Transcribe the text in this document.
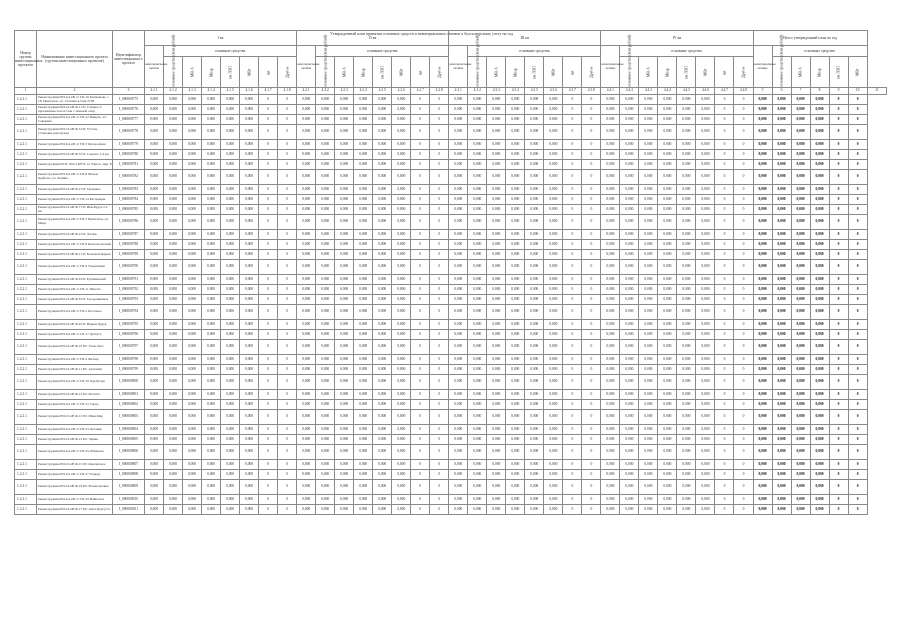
Утвержденный план принятия основных средств и нематериальных активов к бухгалтерскому учету на год
Номер группы инвестиционных проектов	Наименование инвестиционного проекта (группы инвестиционных проектов)	Идентификатор инвестиционного проекта	I кв								II кв								III кв								IV кв								Итого утвержденный план по год						
			нематериальные активы	основные средства							нематериальные активы	основные средства							нематериальные активы	основные средства							нематериальные активы	основные средства							нематериальные активы	основные средства					
				основные средства (млн.рублей)	МВ·А	Мвар	км ЛЭП	МВт	шт	Другое		основные средства (млн.рублей)	МВ·А	Мвар	км ЛЭП	МВт	шт	Другое		основные средства (млн.рублей)	МВ·А	Мвар	км ЛЭП	МВт	шт	Другое		основные средства (млн.рублей)	МВ·А	Мвар	км ЛЭП	МВт	шт	Другое		основные средства (млн.рублей)	МВ·А	Мвар	км ЛЭП	МВт	
1	2	3	4.1.1	4.1.2	4.1.3	4.1.4	4.1.5	4.1.6	4.1.7	4.1.8	4.2.1	4.2.2	4.2.3	4.2.4	4.2.5	4.2.6	4.2.7	4.2.8	4.3.1	4.3.2	4.3.3	4.3.4	4.3.5	4.3.6	4.3.7	4.3.8	4.4.1	4.4.2	4.4.3	4.4.4	4.4.5	4.4.6	4.4.7	4.4.8	5	6	7	8	9	10	11
1.2.2.1	Реконструкция ВЛ-0,4 кВ от ТП-10 Калмыково с. 18, Приютное, ул. Степная 4,5 км ЛЭП	I_000000775	0,000	0,000	0,000	0,000	0,000	0,000	0	0	0,000	0,000	0,000	0,000	0,000	0,000	0	0	0,000	0,000	0,000	0,000	0,000	0,000	0	0	0,000	0,000	0,000	0,000	0,000	0,000	0	0	0,000	0,000	0,000	0,000	0	0	
1.2.2.1	Реконструкция ВЛ-10 кВ Ф-1 ПС Сладкое-2 протяжённостью 6,5 км с заменой опор	I_000000776	0,000	0,000	0,000	0,000	0,000	0,000	0	0	0,000	0,000	0,000	0,000	0,000	0,000	0	0	0,000	0,000	0,000	0,000	0,000	0,000	0	0	0,000	0,000	0,000	0,000	0,000	0,000	0	0	0,000	0,000	0,000	0,000	0	0	
1.2.2.1	Реконструкция ВЛ-0,4 кВ от ТП-22 Яшкуль, ул. Северная	I_000000777	0,000	0,000	0,000	0,000	0,000	0,000	0	0	0,000	0,000	0,000	0,000	0,000	0,000	0	0	0,000	0,000	0,000	0,000	0,000	0,000	0	0	0,000	0,000	0,000	0,000	0,000	0,000	0	0	0,000	0,000	0,000	0,000	0	0	
1.2.2.1	Реконструкция ВЛ-10 кВ Ф-3 ПС Уттаги, установка реклоузера	I_000000778	0,000	0,000	0,000	0,000	0,000	0,000	0	0	0,000	0,000	0,000	0,000	0,000	0,000	0	0	0,000	0,000	0,000	0,000	0,000	0,000	0	0	0,000	0,000	0,000	0,000	0,000	0,000	0	0	0,000	0,000	0,000	0,000	0	0	
1.2.2.1	Реконструкция ВЛ-0,4 кВ от ТП-5 Цаган-Аман	I_000000779	0,000	0,000	0,000	0,000	0,000	0,000	0	0	0,000	0,000	0,000	0,000	0,000	0,000	0	0	0,000	0,000	0,000	0,000	0,000	0,000	0	0	0,000	0,000	0,000	0,000	0,000	0,000	0	0	0,000	0,000	0,000	0,000	0	0	
1.2.2.1	Реконструкция ВЛ-10 кВ Ф-5 ПС Садовое 1,4 км	I_000000780	0,000	0,000	0,000	0,000	0,000	0,000	0	0	0,000	0,000	0,000	0,000	0,000	0,000	0	0	0,000	0,000	0,000	0,000	0,000	0,000	0	0	0,000	0,000	0,000	0,000	0,000	0,000	0	0	0,000	0,000	0,000	0,000	0	0	
1.2.2.1	Реконструкция КТП-10/0,4 кВ № 12 Элиста, мкр. 8	I_000000781	0,000	0,000	0,000	0,000	0,000	0,000	0	0	0,000	0,000	0,000	0,000	0,000	0,000	0	0	0,000	0,000	0,000	0,000	0,000	0,000	0	0	0,000	0,000	0,000	0,000	0,000	0,000	0	0	0,000	0,000	0,000	0,000	0	0	
1.2.2.1	Реконструкция ВЛ-0,4 кВ от ТП-8 Малые Дербеты, ул. Ленина	I_000000782	0,000	0,000	0,000	0,000	0,000	0,000	0	0	0,000	0,000	0,000	0,000	0,000	0,000	0	0	0,000	0,000	0,000	0,000	0,000	0,000	0	0	0,000	0,000	0,000	0,000	0,000	0,000	0	0	0,000	0,000	0,000	0,000	0	0	
1.2.2.1	Реконструкция ВЛ-10 кВ Ф-2 ПС Троицкое	I_000000783	0,000	0,000	0,000	0,000	0,000	0,000	0	0	0,000	0,000	0,000	0,000	0,000	0,000	0	0	0,000	0,000	0,000	0,000	0,000	0,000	0	0	0,000	0,000	0,000	0,000	0,000	0,000	0	0	0,000	0,000	0,000	0,000	0	0	
1.2.2.1	Реконструкция ВЛ-0,4 кВ от ТП-14 Кетченеры	I_000000784	0,000	0,000	0,000	0,000	0,000	0,000	0	0	0,000	0,000	0,000	0,000	0,000	0,000	0	0	0,000	0,000	0,000	0,000	0,000	0,000	0	0	0,000	0,000	0,000	0,000	0,000	0,000	0	0	0,000	0,000	0,000	0,000	0	0	
1.2.2.1	Реконструкция ВЛ-10 кВ Ф-7 ПС Ики-Бурул 2,2 км	I_000000785	0,000	0,000	0,000	0,000	0,000	0,000	0	0	0,000	0,000	0,000	0,000	0,000	0,000	0	0	0,000	0,000	0,000	0,000	0,000	0,000	0	0	0,000	0,000	0,000	0,000	0,000	0,000	0	0	0,000	0,000	0,000	0,000	0	0	
1.2.2.1	Реконструкция ВЛ-0,4 кВ от ТП-3 Приютное, ул. Мира	I_000000786	0,000	0,000	0,000	0,000	0,000	0,000	0	0	0,000	0,000	0,000	0,000	0,000	0,000	0	0	0,000	0,000	0,000	0,000	0,000	0,000	0	0	0,000	0,000	0,000	0,000	0,000	0,000	0	0	0,000	0,000	0,000	0,000	0	0	
1.2.2.1	Реконструкция ВЛ-10 кВ Ф-4 ПС Лагань	I_000000787	0,000	0,000	0,000	0,000	0,000	0,000	0	0	0,000	0,000	0,000	0,000	0,000	0,000	0	0	0,000	0,000	0,000	0,000	0,000	0,000	0	0	0,000	0,000	0,000	0,000	0,000	0,000	0	0	0,000	0,000	0,000	0,000	0	0	
1.2.2.1	Реконструкция ВЛ-0,4 кВ от ТП-6 Комсомольский	I_000000788	0,000	0,000	0,000	0,000	0,000	0,000	0	0	0,000	0,000	0,000	0,000	0,000	0,000	0	0	0,000	0,000	0,000	0,000	0,000	0,000	0	0	0,000	0,000	0,000	0,000	0,000	0,000	0	0	0,000	0,000	0,000	0,000	0	0	
1.2.2.1	Реконструкция ВЛ-10 кВ Ф-1 ПС Большой Царын	I_000000789	0,000	0,000	0,000	0,000	0,000	0,000	0	0	0,000	0,000	0,000	0,000	0,000	0,000	0	0	0,000	0,000	0,000	0,000	0,000	0,000	0	0	0,000	0,000	0,000	0,000	0,000	0,000	0	0	0,000	0,000	0,000	0,000	0	0	
1.2.2.1	Реконструкция ВЛ-0,4 кВ от ТП-9 Ульдючины	I_000000790	0,000	0,000	0,000	0,000	0,000	0,000	0	0	0,000	0,000	0,000	0,000	0,000	0,000	0	0	0,000	0,000	0,000	0,000	0,000	0,000	0	0	0,000	0,000	0,000	0,000	0,000	0,000	0	0	0,000	0,000	0,000	0,000	0	0	
1.2.2.1	Реконструкция ВЛ-10 кВ Ф-6 ПС Ергенинский	I_000000791	0,000	0,000	0,000	0,000	0,000	0,000	0	0	0,000	0,000	0,000	0,000	0,000	0,000	0	0	0,000	0,000	0,000	0,000	0,000	0,000	0	0	0,000	0,000	0,000	0,000	0,000	0,000	0	0	0,000	0,000	0,000	0,000	0	0	
1.2.2.1	Реконструкция ВЛ-0,4 кВ от ТП-11 Яшалта	I_000000792	0,000	0,000	0,000	0,000	0,000	0,000	0	0	0,000	0,000	0,000	0,000	0,000	0,000	0	0	0,000	0,000	0,000	0,000	0,000	0,000	0	0	0,000	0,000	0,000	0,000	0,000	0,000	0	0	0,000	0,000	0,000	0,000	0	0	
1.2.2.1	Реконструкция ВЛ-10 кВ Ф-8 ПС Городовиковск	I_000000793	0,000	0,000	0,000	0,000	0,000	0,000	0	0	0,000	0,000	0,000	0,000	0,000	0,000	0	0	0,000	0,000	0,000	0,000	0,000	0,000	0	0	0,000	0,000	0,000	0,000	0,000	0,000	0	0	0,000	0,000	0,000	0,000	0	0	
1.2.2.1	Реконструкция ВЛ-0,4 кВ от ТП-2 Песчаное	I_000000794	0,000	0,000	0,000	0,000	0,000	0,000	0	0	0,000	0,000	0,000	0,000	0,000	0,000	0	0	0,000	0,000	0,000	0,000	0,000	0,000	0	0	0,000	0,000	0,000	0,000	0,000	0,000	0	0	0,000	0,000	0,000	0,000	0	0	
1.2.2.1	Реконструкция ВЛ-10 кВ Ф-9 ПС Нарын-Худук	I_000000795	0,000	0,000	0,000	0,000	0,000	0,000	0	0	0,000	0,000	0,000	0,000	0,000	0,000	0	0	0,000	0,000	0,000	0,000	0,000	0,000	0	0	0,000	0,000	0,000	0,000	0,000	0,000	0	0	0,000	0,000	0,000	0,000	0	0	
1.2.2.1	Реконструкция ВЛ-0,4 кВ от ТП-17 Хулхута	I_000000796	0,000	0,000	0,000	0,000	0,000	0,000	0	0	0,000	0,000	0,000	0,000	0,000	0,000	0	0	0,000	0,000	0,000	0,000	0,000	0,000	0	0	0,000	0,000	0,000	0,000	0,000	0,000	0	0	0,000	0,000	0,000	0,000	0	0	
1.2.2.1	Реконструкция ВЛ-10 кВ Ф-10 ПС Улан-Эрге	I_000000797	0,000	0,000	0,000	0,000	0,000	0,000	0	0	0,000	0,000	0,000	0,000	0,000	0,000	0	0	0,000	0,000	0,000	0,000	0,000	0,000	0	0	0,000	0,000	0,000	0,000	0,000	0,000	0	0	0,000	0,000	0,000	0,000	0	0	
1.2.2.1	Реконструкция ВЛ-0,4 кВ от ТП-4 Чилгир	I_000000798	0,000	0,000	0,000	0,000	0,000	0,000	0	0	0,000	0,000	0,000	0,000	0,000	0,000	0	0	0,000	0,000	0,000	0,000	0,000	0,000	0	0	0,000	0,000	0,000	0,000	0,000	0,000	0	0	0,000	0,000	0,000	0,000	0	0	
1.2.2.1	Реконструкция ВЛ-10 кВ Ф-11 ПС Артезиан	I_000000799	0,000	0,000	0,000	0,000	0,000	0,000	0	0	0,000	0,000	0,000	0,000	0,000	0,000	0	0	0,000	0,000	0,000	0,000	0,000	0,000	0	0	0,000	0,000	0,000	0,000	0,000	0,000	0	0	0,000	0,000	0,000	0,000	0	0	
1.2.2.1	Реконструкция ВЛ-0,4 кВ от ТП-19 Хар-Булук	I_000000800	0,000	0,000	0,000	0,000	0,000	0,000	0	0	0,000	0,000	0,000	0,000	0,000	0,000	0	0	0,000	0,000	0,000	0,000	0,000	0,000	0	0	0,000	0,000	0,000	0,000	0,000	0,000	0	0	0,000	0,000	0,000	0,000	0	0	
1.2.2.1	Реконструкция ВЛ-10 кВ Ф-12 ПС Басанта	I_000000801	0,000	0,000	0,000	0,000	0,000	0,000	0	0	0,000	0,000	0,000	0,000	0,000	0,000	0	0	0,000	0,000	0,000	0,000	0,000	0,000	0	0	0,000	0,000	0,000	0,000	0,000	0,000	0	0	0,000	0,000	0,000	0,000	0	0	
1.2.2.1	Реконструкция ВЛ-0,4 кВ от ТП-21 Сарпа	I_000000802	0,000	0,000	0,000	0,000	0,000	0,000	0	0	0,000	0,000	0,000	0,000	0,000	0,000	0	0	0,000	0,000	0,000	0,000	0,000	0,000	0	0	0,000	0,000	0,000	0,000	0,000	0,000	0	0	0,000	0,000	0,000	0,000	0	0	
1.2.2.1	Реконструкция ВЛ-10 кВ Ф-13 ПС Шин-Мер	I_000000803	0,000	0,000	0,000	0,000	0,000	0,000	0	0	0,000	0,000	0,000	0,000	0,000	0,000	0	0	0,000	0,000	0,000	0,000	0,000	0,000	0	0	0,000	0,000	0,000	0,000	0,000	0,000	0	0	0,000	0,000	0,000	0,000	0	0	
1.2.2.1	Реконструкция ВЛ-0,4 кВ от ТП-23 Оргакин	I_000000804	0,000	0,000	0,000	0,000	0,000	0,000	0	0	0,000	0,000	0,000	0,000	0,000	0,000	0	0	0,000	0,000	0,000	0,000	0,000	0,000	0	0	0,000	0,000	0,000	0,000	0,000	0,000	0	0	0,000	0,000	0,000	0,000	0	0	
1.2.2.1	Реконструкция ВЛ-10 кВ Ф-14 ПС Эвдык	I_000000805	0,000	0,000	0,000	0,000	0,000	0,000	0	0	0,000	0,000	0,000	0,000	0,000	0,000	0	0	0,000	0,000	0,000	0,000	0,000	0,000	0	0	0,000	0,000	0,000	0,000	0,000	0,000	0	0	0,000	0,000	0,000	0,000	0	0	
1.2.2.1	Реконструкция ВЛ-0,4 кВ от ТП-25 Обильное	I_000000806	0,000	0,000	0,000	0,000	0,000	0,000	0	0	0,000	0,000	0,000	0,000	0,000	0,000	0	0	0,000	0,000	0,000	0,000	0,000	0,000	0	0	0,000	0,000	0,000	0,000	0,000	0,000	0	0	0,000	0,000	0,000	0,000	0	0	
1.2.2.1	Реконструкция ВЛ-10 кВ Ф-15 ПС Красинское	I_000000807	0,000	0,000	0,000	0,000	0,000	0,000	0	0	0,000	0,000	0,000	0,000	0,000	0,000	0	0	0,000	0,000	0,000	0,000	0,000	0,000	0	0	0,000	0,000	0,000	0,000	0,000	0,000	0	0	0,000	0,000	0,000	0,000	0	0	
1.2.2.1	Реконструкция ВЛ-0,4 кВ от ТП-27 Годжур	I_000000808	0,000	0,000	0,000	0,000	0,000	0,000	0	0	0,000	0,000	0,000	0,000	0,000	0,000	0	0	0,000	0,000	0,000	0,000	0,000	0,000	0	0	0,000	0,000	0,000	0,000	0,000	0,000	0	0	0,000	0,000	0,000	0,000	0	0	
1.2.2.1	Реконструкция ВЛ-10 кВ Ф-16 ПС Вознесеновка	I_000000809	0,000	0,000	0,000	0,000	0,000	0,000	0	0	0,000	0,000	0,000	0,000	0,000	0,000	0	0	0,000	0,000	0,000	0,000	0,000	0,000	0	0	0,000	0,000	0,000	0,000	0,000	0,000	0	0	0,000	0,000	0,000	0,000	0	0	
1.2.2.1	Реконструкция ВЛ-0,4 кВ от ТП-29 Найнтахн	I_000000810	0,000	0,000	0,000	0,000	0,000	0,000	0	0	0,000	0,000	0,000	0,000	0,000	0,000	0	0	0,000	0,000	0,000	0,000	0,000	0,000	0	0	0,000	0,000	0,000	0,000	0,000	0,000	0	0	0,000	0,000	0,000	0,000	0	0	
1.2.2.1	Реконструкция ВЛ-10 кВ Ф-17 ПС Амта-Бургуста	I_000000811	0,000	0,000	0,000	0,000	0,000	0,000	0	0	0,000	0,000	0,000	0,000	0,000	0,000	0	0	0,000	0,000	0,000	0,000	0,000	0,000	0	0	0,000	0,000	0,000	0,000	0,000	0,000	0	0	0,000	0,000	0,000	0,000	0	0	
